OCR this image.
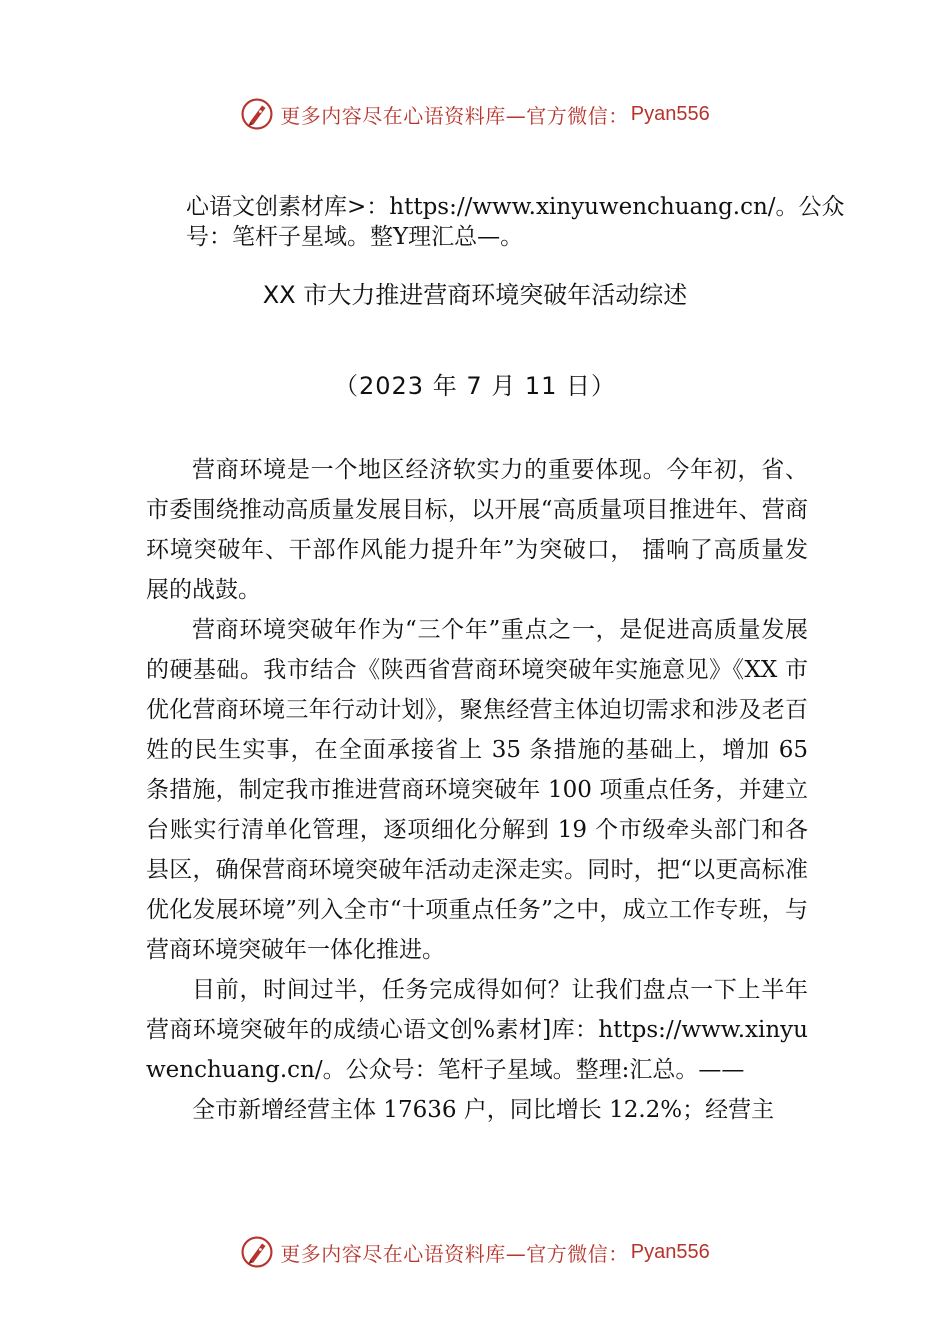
更多内容尽在心语资料库—官方微信： Pyan556
心语文创素材库>：https://www.xinyuwenchuang.cn/。公众号：笔杆子星域。整Y理汇总—。
XX 市大力推进营商环境突破年活动综述
（2023 年 7 月 11 日）

营商环境是一个地区经济软实力的重要体现。今年初，省、市委围绕推动高质量发展目标，以开展“高质量项目推进年、营商环境突破年、干部作风能力提升年”为突破口， 擂响了高质量发展的战鼓。

营商环境突破年作为“三个年”重点之一，是促进高质量发展的硬基础。我市结合《陕西省营商环境突破年实施意见》《XX 市优化营商环境三年行动计划》，聚焦经营主体迫切需求和涉及老百姓的民生实事，在全面承接省上 35 条措施的基础上，增加 65 条措施，制定我市推进营商环境突破年 100 项重点任务，并建立台账实行清单化管理，逐项细化分解到 19 个市级牵头部门和各县区，确保营商环境突破年活动走深走实。同时，把“以更高标准优化发展环境”列入全市“十项重点任务”之中，成立工作专班，与营商环境突破年一体化推进。

目前，时间过半，任务完成得如何？让我们盘点一下上半年营商环境突破年的成绩心语文创%素材]库：https://www.xinyuwenchuang.cn/。公众号：笔杆子星域。整理:汇总。——

全市新增经营主体 17636 户，同比增长 12.2%；经营主

更多内容尽在心语资料库—官方微信： Pyan556
